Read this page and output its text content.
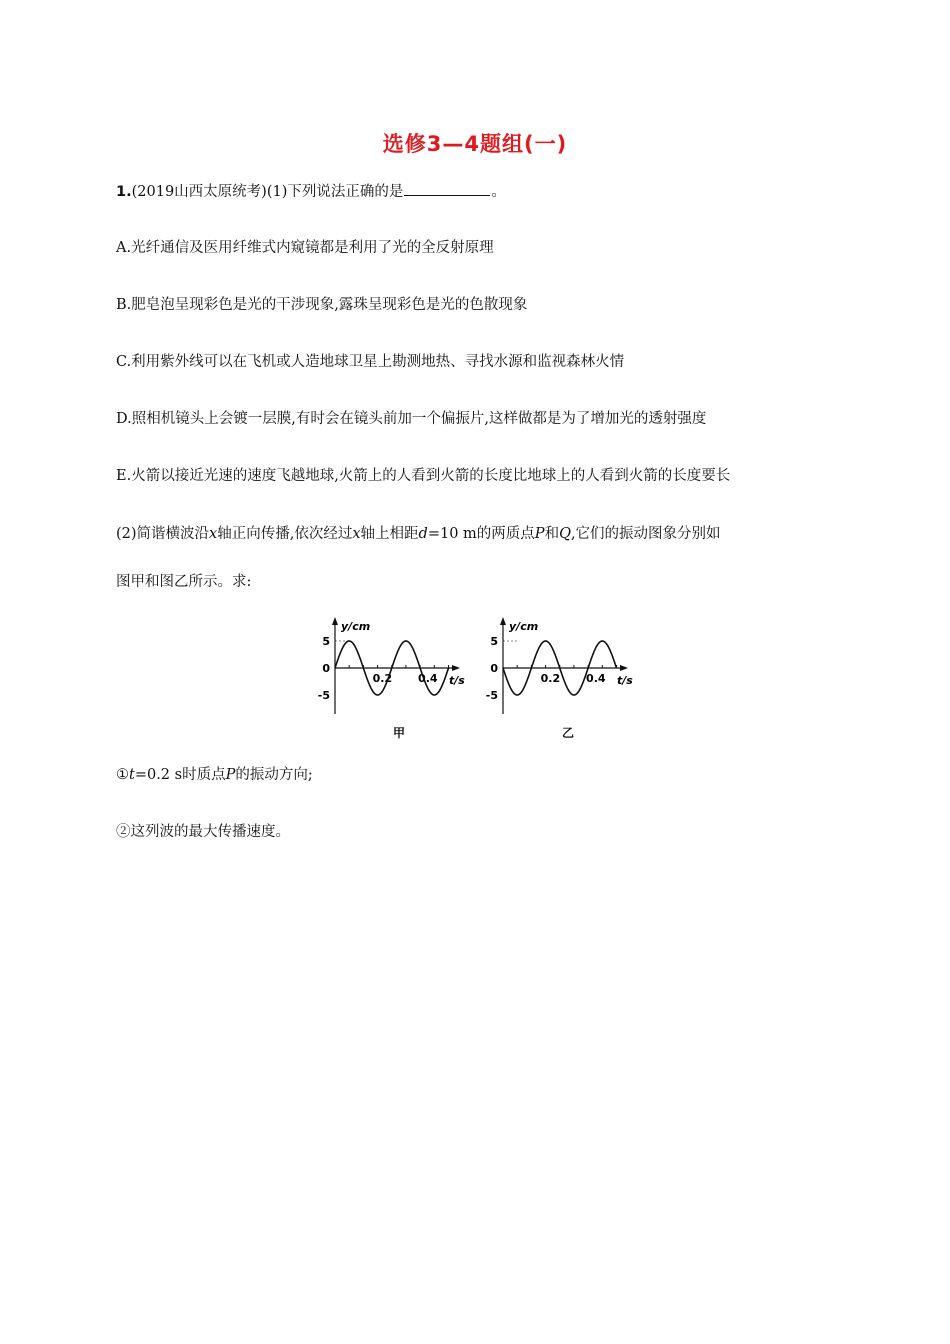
选修3—4题组(一)
1.(2019山西太原统考)(1)下列说法正确的是	。
A.光纤通信及医用纤维式内窥镜都是利用了光的全反射原理
B.肥皂泡呈现彩色是光的干涉现象,露珠呈现彩色是光的色散现象
C.利用紫外线可以在飞机或人造地球卫星上勘测地热、寻找水源和监视森林火情
D.照相机镜头上会镀一层膜,有时会在镜头前加一个偏振片,这样做都是为了增加光的透射强度
E.火箭以接近光速的速度飞越地球,火箭上的人看到火箭的长度比地球上的人看到火箭的长度要长
(2)简谐横波沿x轴正向传播,依次经过x轴上相距d=10 m的两质点P和Q,它们的振动图象分别如
图甲和图乙所示。求:
y/cm
t/s
5
0
-5
0.2 0.4
y/cm
t/s
5
0
-5
0.2 0.4
甲	乙
①t=0.2 s时质点P的振动方向;
②这列波的最大传播速度。
